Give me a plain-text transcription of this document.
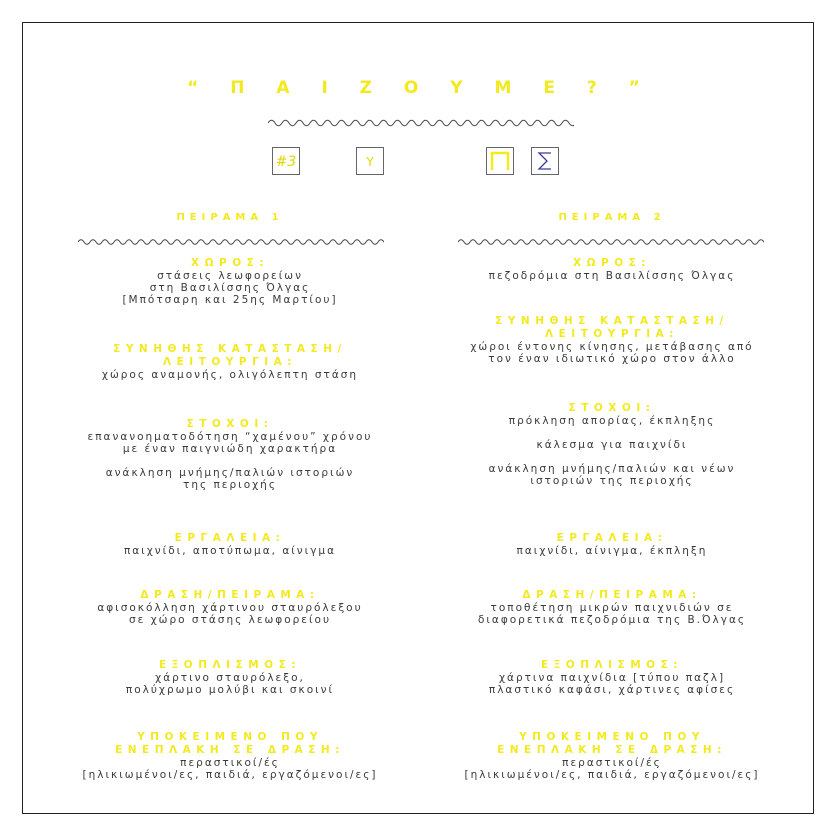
“ Π Α Ι Ζ Ο Υ Μ Ε ? ”
#3	Y
ΠΕΙΡΑΜΑ 1
ΧΩΡΟΣ:
στάσεις λεωφορείων
στη Βασιλίσσης Όλγας
[Μπότσαρη και 25ης Μαρτίου]
ΣΥΝΗΘΗΣ ΚΑΤΑΣΤΑΣΗ/
ΛΕΙΤΟΥΡΓΙΑ:
χώρος αναμονής, ολιγόλεπτη στάση
ΣΤΟΧΟΙ:
επανανοηματοδότηση “χαμένου” χρόνου
με έναν παιγνιώδη χαρακτήρα

ανάκληση μνήμης/παλιών ιστοριών
της περιοχής
ΕΡΓΑΛΕΙΑ:
παιχνίδι, αποτύπωμα, αίνιγμα
ΔΡΑΣΗ/ΠΕΙΡΑΜΑ:
αφισοκόλληση χάρτινου σταυρόλεξου
σε χώρο στάσης λεωφορείου
ΕΞΟΠΛΙΣΜΟΣ:
χάρτινο σταυρόλεξο,
πολύχρωμο μολύβι και σκοινί
ΥΠΟΚΕΙΜΕΝΟ ΠΟΥ
ΕΝΕΠΛΑΚΗ ΣΕ ΔΡΑΣΗ:
περαστικοί/ές
[ηλικιωμένοι/ες, παιδιά, εργαζόμενοι/ες]
ΠΕΙΡΑΜΑ 2
ΧΩΡΟΣ:
πεζοδρόμια στη Βασιλίσσης Όλγας
ΣΥΝΗΘΗΣ ΚΑΤΑΣΤΑΣΗ/
ΛΕΙΤΟΥΡΓΙΑ:
χώροι έντονης κίνησης, μετάβασης από
τον έναν ιδιωτικό χώρο στον άλλο
ΣΤΟΧΟΙ:
πρόκληση απορίας, έκπληξης

κάλεσμα για παιχνίδι

ανάκληση μνήμης/παλιών και νέων
ιστοριών της περιοχής
ΕΡΓΑΛΕΙΑ:
παιχνίδι, αίνιγμα, έκπληξη
ΔΡΑΣΗ/ΠΕΙΡΑΜΑ:
τοποθέτηση μικρών παιχνιδιών σε
διαφορετικά πεζοδρόμια της Β.Όλγας
ΕΞΟΠΛΙΣΜΟΣ:
χάρτινα παιχνίδια [τύπου παζλ]
πλαστικό καφάσι, χάρτινες αφίσες
ΥΠΟΚΕΙΜΕΝΟ ΠΟΥ
ΕΝΕΠΛΑΚΗ ΣΕ ΔΡΑΣΗ:
περαστικοί/ές
[ηλικιωμένοι/ες, παιδιά, εργαζόμενοι/ες]
